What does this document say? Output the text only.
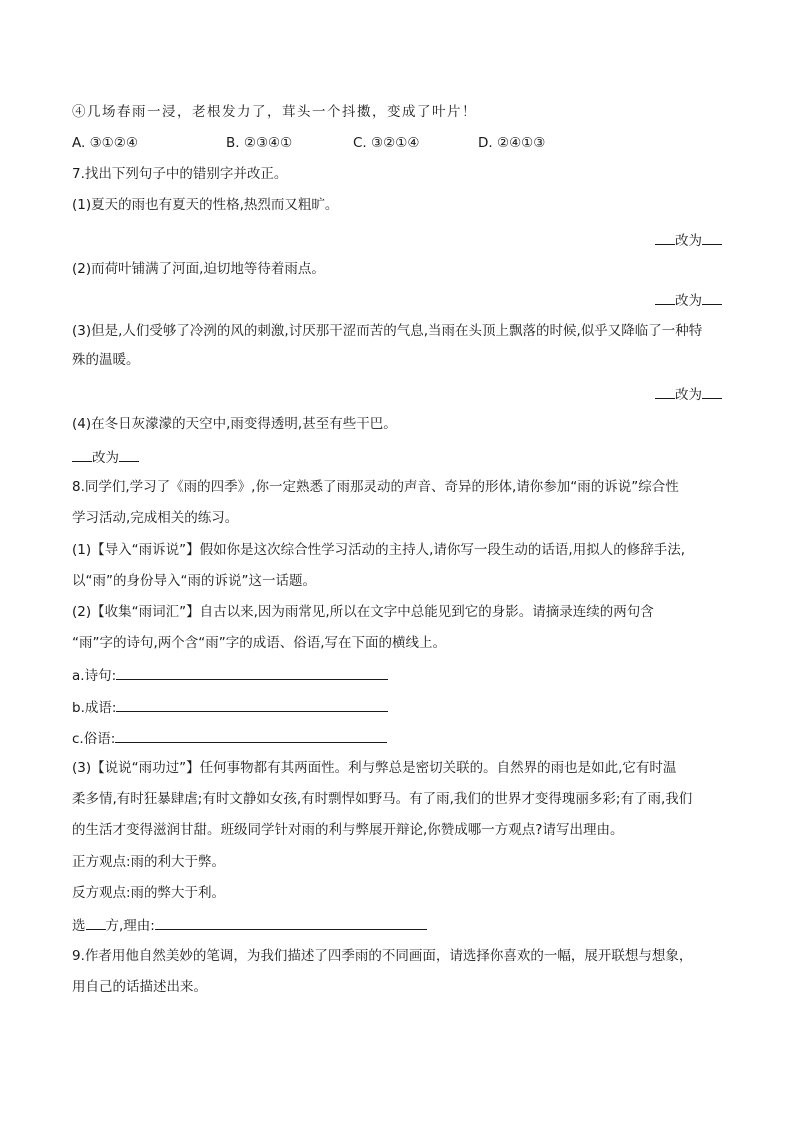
④几场春雨一浸，老根发力了，茸头一个抖擞，变成了叶片！
A. ③①②④	B. ②③④①	C. ③②①④	D. ②④①③
7.找出下列句子中的错别字并改正。
(1)夏天的雨也有夏天的性格,热烈而又粗旷。
改为
(2)而荷叶铺满了河面,迫切地等待着雨点。
改为
(3)但是,人们受够了冷洌的风的刺激,讨厌那干涩而苦的气息,当雨在头顶上飘落的时候,似乎又降临了一种特
殊的温暖。
改为
(4)在冬日灰濛濛的天空中,雨变得透明,甚至有些干巴。
改为
8.同学们,学习了《雨的四季》,你一定熟悉了雨那灵动的声音、奇异的形体,请你参加“雨的诉说”综合性
学习活动,完成相关的练习。
(1)【导入“雨诉说”】假如你是这次综合性学习活动的主持人,请你写一段生动的话语,用拟人的修辞手法,
以“雨”的身份导入“雨的诉说”这一话题。
(2)【收集“雨词汇”】自古以来,因为雨常见,所以在文字中总能见到它的身影。请摘录连续的两句含
“雨”字的诗句,两个含“雨”字的成语、俗语,写在下面的横线上。
a.诗句:
b.成语:
c.俗语:
(3)【说说“雨功过”】任何事物都有其两面性。利与弊总是密切关联的。自然界的雨也是如此,它有时温
柔多情,有时狂暴肆虐;有时文静如女孩,有时剽悍如野马。有了雨,我们的世界才变得瑰丽多彩;有了雨,我们
的生活才变得滋润甘甜。班级同学针对雨的利与弊展开辩论,你赞成哪一方观点?请写出理由。
正方观点:雨的利大于弊。
反方观点:雨的弊大于利。
选 方,理由:
9.作者用他自然美妙的笔调，为我们描述了四季雨的不同画面，请选择你喜欢的一幅，展开联想与想象，
用自己的话描述出来。
